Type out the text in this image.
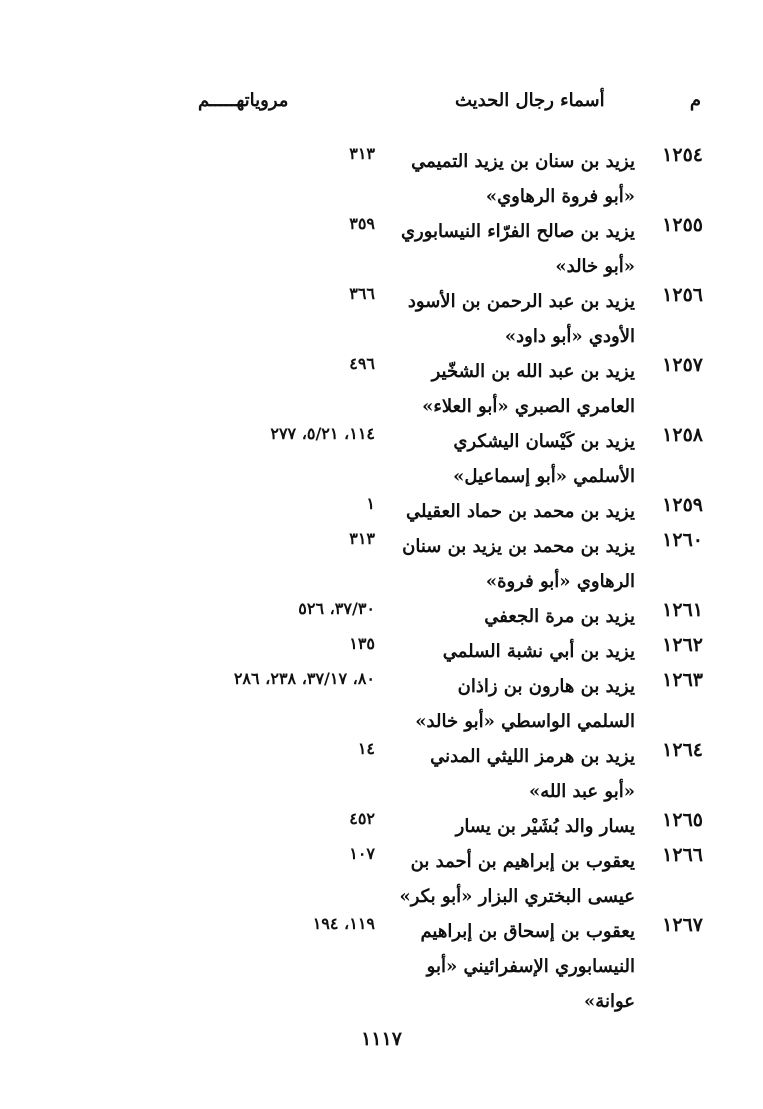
م
أسماء رجال الحديث
مروياتهـــــم
١٢٥٤
يزيد بن سنان بن يزيد التميمي «أبو فروة الرهاوي»
٣١٣
١٢٥٥
يزيد بن صالح الفرّاء النيسابوري «أبو خالد»
٣٥٩
١٢٥٦
يزيد بن عبد الرحمن بن الأسود الأودي «أبو داود»
٣٦٦
١٢٥٧
يزيد بن عبد الله بن الشخّير العامري الصبري «أبو العلاء»
٤٩٦
١٢٥٨
يزيد بن كَيْسان اليشكري الأسلمي «أبو إسماعيل»
١١٤، ٥/٢١، ٢٧٧
١٢٥٩
يزيد بن محمد بن حماد العقيلي
١
١٢٦٠
يزيد بن محمد بن يزيد بن سنان الرهاوي «أبو فروة»
٣١٣
١٢٦١
يزيد بن مرة الجعفي
٣٧/٣٠، ٥٢٦
١٢٦٢
يزيد بن أبي نشبة السلمي
١٣٥
١٢٦٣
يزيد بن هارون بن زاذان السلمي الواسطي «أبو خالد»
٨٠، ٣٧/١٧، ٢٣٨، ٢٨٦
١٢٦٤
يزيد بن هرمز الليثي المدني «أبو عبد الله»
١٤
١٢٦٥
يسار والد بُشَيْر بن يسار
٤٥٢
١٢٦٦
يعقوب بن إبراهيم بن أحمد بن عيسى البختري البزار «أبو بكر»
١٠٧
١٢٦٧
يعقوب بن إسحاق بن إبراهيم النيسابوري الإسفرائيني «أبو عوانة»
١١٩، ١٩٤
١١١٧
